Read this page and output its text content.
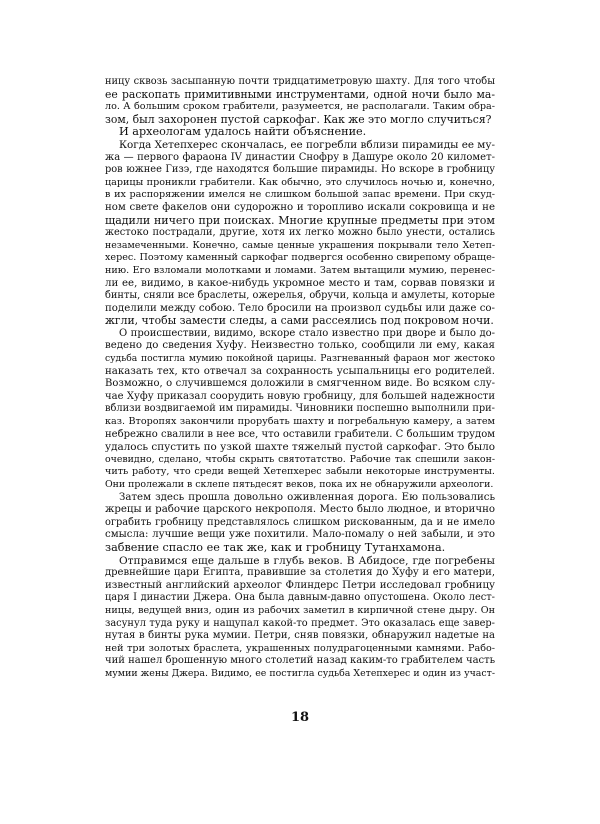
ницу сквозь засыпанную почти тридцатиметровую шахту. Для того чтобы
ее раскопать примитивными инструментами, одной ночи было ма-
ло. А большим сроком грабители, разумеется, не располагали. Таким обра-
зом, был захоронен пустой саркофаг. Как же это могло случиться?
И археологам удалось найти объяснение.
Когда Хетепхерес скончалась, ее погребли вблизи пирамиды ее му-
жа — первого фараона IV династии Снофру в Дашуре около 20 километ-
ров южнее Гизэ, где находятся большие пирамиды. Но вскоре в гробницу
царицы проникли грабители. Как обычно, это случилось ночью и, конечно,
в их распоряжении имелся не слишком большой запас времени. При скуд-
ном свете факелов они судорожно и торопливо искали сокровища и не
щадили ничего при поисках. Многие крупные предметы при этом
жестоко пострадали, другие, хотя их легко можно было унести, остались
незамеченными. Конечно, самые ценные украшения покрывали тело Хетеп-
херес. Поэтому каменный саркофаг подвергся особенно свирепому обраще-
нию. Его взломали молотками и ломами. Затем вытащили мумию, перенес-
ли ее, видимо, в какое-нибудь укромное место и там, сорвав повязки и
бинты, сняли все браслеты, ожерелья, обручи, кольца и амулеты, которые
поделили между собою. Тело бросили на произвол судьбы или даже со-
жгли, чтобы замести следы, а сами рассеялись под покровом ночи.
О происшествии, видимо, вскоре стало известно при дворе и было до-
ведено до сведения Хуфу. Неизвестно только, сообщили ли ему, какая
судьба постигла мумию покойной царицы. Разгневанный фараон мог жестоко
наказать тех, кто отвечал за сохранность усыпальницы его родителей.
Возможно, о случившемся доложили в смягченном виде. Во всяком слу-
чае Хуфу приказал соорудить новую гробницу, для большей надежности
вблизи воздвигаемой им пирамиды. Чиновники поспешно выполнили при-
каз. Второпях закончили прорубать шахту и погребальную камеру, а затем
небрежно свалили в нее все, что оставили грабители. С большим трудом
удалось спустить по узкой шахте тяжелый пустой саркофаг. Это было
очевидно, сделано, чтобы скрыть святотатство. Рабочие так спешили закон-
чить работу, что среди вещей Хетепхерес забыли некоторые инструменты.
Они пролежали в склепе пятьдесят веков, пока их не обнаружили археологи.
Затем здесь прошла довольно оживленная дорога. Ею пользовались
жрецы и рабочие царского некрополя. Место было людное, и вторично
ограбить гробницу представлялось слишком рискованным, да и не имело
смысла: лучшие вещи уже похитили. Мало-помалу о ней забыли, и это
забвение спасло ее так же, как и гробницу Тутанхамона.
Отправимся еще дальше в глубь веков. В Абидосе, где погребены
древнейшие цари Египта, правившие за столетия до Хуфу и его матери,
известный английский археолог Флиндерс Петри исследовал гробницу
царя I династии Джера. Она была давным-давно опустошена. Около лест-
ницы, ведущей вниз, один из рабочих заметил в кирпичной стене дыру. Он
засунул туда руку и нащупал какой-то предмет. Это оказалась еще завер-
нутая в бинты рука мумии. Петри, сняв повязки, обнаружил надетые на
ней три золотых браслета, украшенных полудрагоценными камнями. Рабо-
чий нашел брошенную много столетий назад каким-то грабителем часть
мумии жены Джера. Видимо, ее постигла судьба Хетепхерес и один из участ-
18
